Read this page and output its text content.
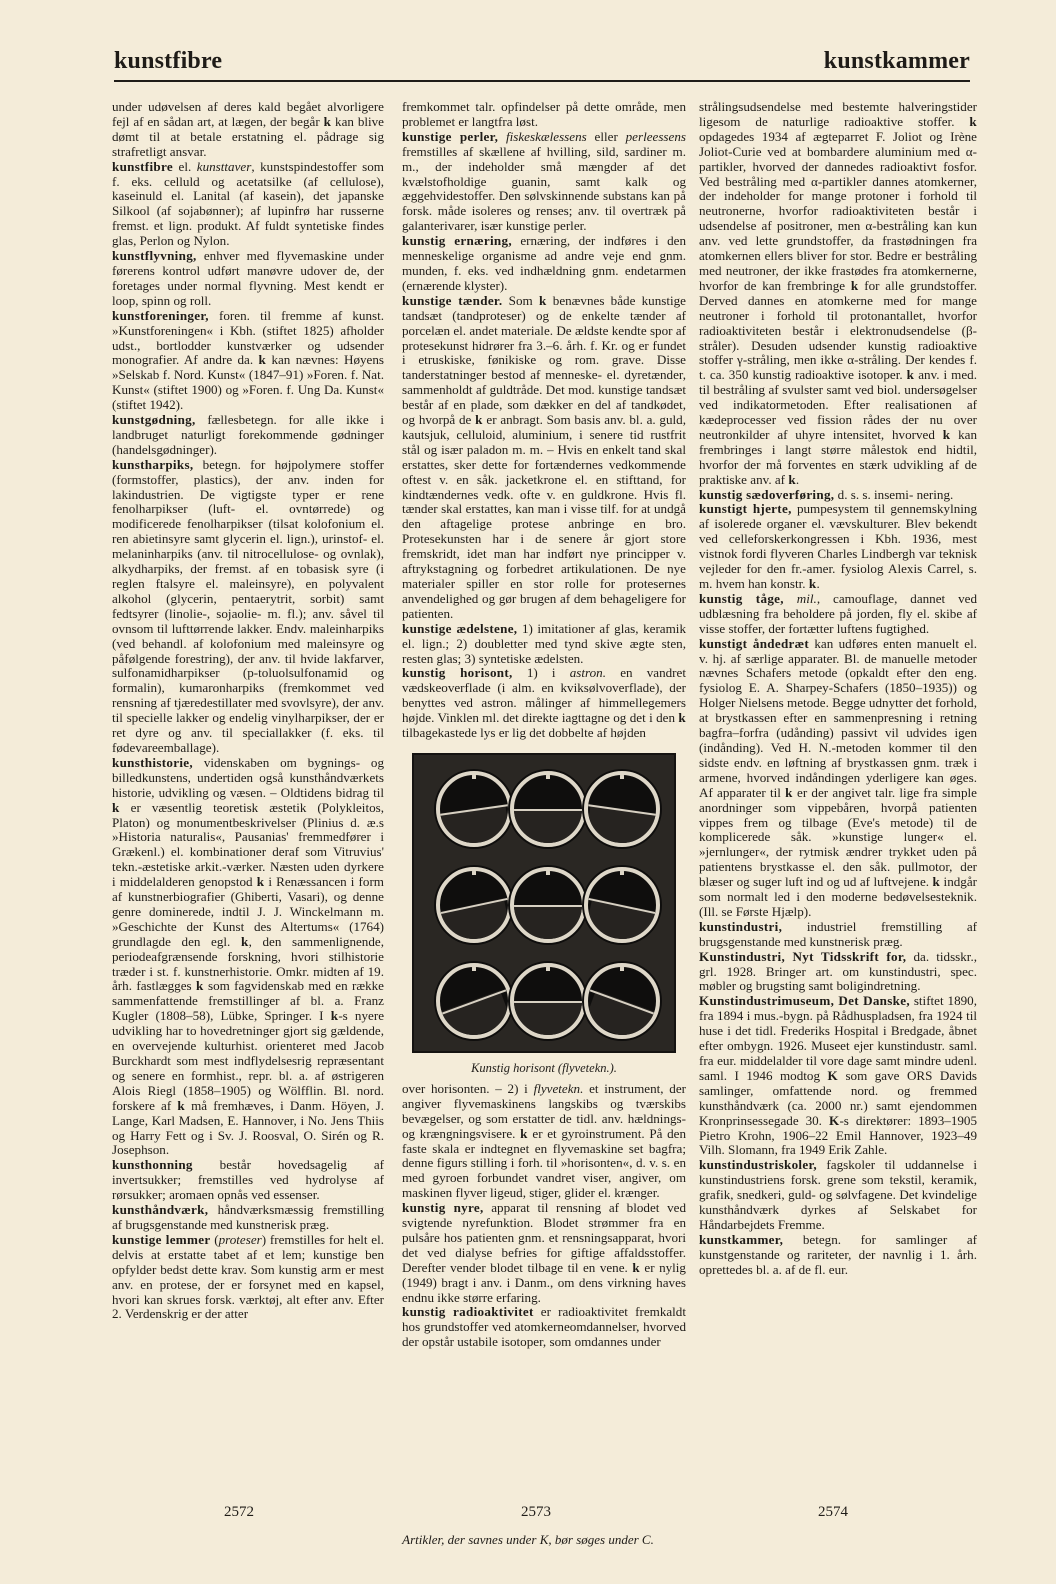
kunstfibre	kunstkammer

under udøvelsen af deres kald begået alvorligere fejl af en sådan art, at lægen, der begår k kan blive dømt til at betale erstatning el. pådrage sig strafretligt ansvar.

kunstfibre el. kunsttaver, kunstspindestoffer som f. eks. celluld og acetatsilke (af cellulose), kaseinuld el. Lanital (af kasein), det japanske Silkool (af sojabønner); af lupinfrø har russerne fremst. et lign. produkt. Af fuldt syntetiske findes glas, Perlon og Nylon.

kunstflyvning, enhver med flyvemaskine under førerens kontrol udført manøvre udover de, der foretages under normal flyvning. Mest kendt er loop, spinn og roll.

kunstforeninger, foren. til fremme af kunst. »Kunstforeningen« i Kbh. (stiftet 1825) afholder udst., bortlodder kunstværker og udsender monografier. Af andre da. k kan nævnes: Høyens »Selskab f. Nord. Kunst« (1847–91) »Foren. f. Nat. Kunst« (stiftet 1900) og »Foren. f. Ung Da. Kunst« (stiftet 1942).

kunstgødning, fællesbetegn. for alle ikke i landbruget naturligt forekommende gødninger (handelsgødninger).

kunstharpiks, betegn. for højpolymere stoffer (formstoffer, plastics), der anv. inden for lakindustrien. De vigtigste typer er rene fenolharpikser (luft- el. ovntørrede) og modificerede fenolharpikser (tilsat kolofonium el. ren abietinsyre samt glycerin el. lign.), urinstof- el. melaninharpiks (anv. til nitrocellulose- og ovnlak), alkydharpiks, der fremst. af en tobasisk syre (i reglen ftalsyre el. maleinsyre), en polyvalent alkohol (glycerin, pentaerytrit, sorbit) samt fedtsyrer (linolie-, sojaolie- m. fl.); anv. såvel til ovnsom til lufttørrende lakker. Endv. maleinharpiks (ved behandl. af kolofonium med maleinsyre og påfølgende forestring), der anv. til hvide lakfarver, sulfonamidharpikser (p-toluolsulfonamid og formalin), kumaronharpiks (fremkommet ved rensning af tjæredestillater med svovlsyre), der anv. til specielle lakker og endelig vinylharpikser, der er ret dyre og anv. til speciallakker (f. eks. til fødevareemballage).

kunsthistorie, videnskaben om bygnings- og billedkunstens, undertiden også kunsthåndværkets historie, udvikling og væsen. – Oldtidens bidrag til k er væsentlig teoretisk æstetik (Polykleitos, Platon) og monumentbeskrivelser (Plinius d. æ.s »Historia naturalis«, Pausanias' fremmedfører i Grækenl.) el. kombinationer deraf som Vitruvius' tekn.-æstetiske arkit.-værker. Næsten uden dyrkere i middelalderen genopstod k i Renæssancen i form af kunstnerbiografier (Ghiberti, Vasari), og denne genre dominerede, indtil J. J. Winckelmann m. »Geschichte der Kunst des Altertums« (1764) grundlagde den egl. k, den sammenlignende, periodeafgrænsende forskning, hvori stilhistorie træder i st. f. kunstnerhistorie. Omkr. midten af 19. årh. fastlægges k som fagvidenskab med en række sammenfattende fremstillinger af bl. a. Franz Kugler (1808–58), Lübke, Springer. I k-s nyere udvikling har to hovedretninger gjort sig gældende, en overvejende kulturhist. orienteret med Jacob Burckhardt som mest indflydelsesrig repræsentant og senere en formhist., repr. bl. a. af østrigeren Alois Riegl (1858–1905) og Wölfflin. Bl. nord. forskere af k må fremhæves, i Danm. Höyen, J. Lange, Karl Madsen, E. Hannover, i No. Jens Thiis og Harry Fett og i Sv. J. Roosval, O. Sirén og R. Josephson.

kunsthonning består hovedsagelig af invertsukker; fremstilles ved hydrolyse af rørsukker; aromaen opnås ved essenser.

kunsthåndværk, håndværksmæssig fremstilling af brugsgenstande med kunstnerisk præg.

kunstige lemmer (proteser) fremstilles for helt el. delvis at erstatte tabet af et lem; kunstige ben opfylder bedst dette krav. Som kunstig arm er mest anv. en protese, der er forsynet med en kapsel, hvori kan skrues forsk. værktøj, alt efter anv. Efter 2. Verdenskrig er der atter

fremkommet talr. opfindelser på dette område, men problemet er langtfra løst.

kunstige perler, fiskeskælessens eller perleessens fremstilles af skællene af hvilling, sild, sardiner m. m., der indeholder små mængder af det kvælstofholdige guanin, samt kalk og æggehvidestoffer. Den sølvskinnende substans kan på forsk. måde isoleres og renses; anv. til overtræk på galanterivarer, især kunstige perler.

kunstig ernæring, ernæring, der indføres i den menneskelige organisme ad andre veje end gnm. munden, f. eks. ved indhældning gnm. endetarmen (ernærende klyster).

kunstige tænder. Som k benævnes både kunstige tandsæt (tandproteser) og de enkelte tænder af porcelæn el. andet materiale. De ældste kendte spor af protesekunst hidrører fra 3.–6. årh. f. Kr. og er fundet i etruskiske, fønikiske og rom. grave. Disse tanderstatninger bestod af menneske- el. dyretænder, sammenholdt af guldtråde. Det mod. kunstige tandsæt består af en plade, som dækker en del af tandkødet, og hvorpå de k er anbragt. Som basis anv. bl. a. guld, kautsjuk, celluloid, aluminium, i senere tid rustfrit stål og især paladon m. m. – Hvis en enkelt tand skal erstattes, sker dette for fortændernes vedkommende oftest v. en såk. jacketkrone el. en stifttand, for kindtændernes vedk. ofte v. en guldkrone. Hvis fl. tænder skal erstattes, kan man i visse tilf. for at undgå den aftagelige protese anbringe en bro. Protesekunsten har i de senere år gjort store fremskridt, idet man har indført nye principper v. aftrykstagning og forbedret artikulationen. De nye materialer spiller en stor rolle for protesernes anvendelighed og gør brugen af dem behageligere for patienten.

kunstige ædelstene, 1) imitationer af glas, keramik el. lign.; 2) doubletter med tynd skive ægte sten, resten glas; 3) syntetiske ædelsten.

kunstig horisont, 1) i astron. en vandret vædskeoverflade (i alm. en kviksølvoverflade), der benyttes ved astron. målinger af himmellegemers højde. Vinklen ml. det direkte iagttagne og det i den k tilbagekastede lys er lig det dobbelte af højden

Kunstig horisont (flyvetekn.).

over horisonten. – 2) i flyvetekn. et instrument, der angiver flyvemaskinens langskibs og tværskibs bevægelser, og som erstatter de tidl. anv. hældnings- og krængningsvisere. k er et gyroinstrument. På den faste skala er indtegnet en flyvemaskine set bagfra; denne figurs stilling i forh. til »horisonten«, d. v. s. en med gyroen forbundet vandret viser, angiver, om maskinen flyver ligeud, stiger, glider el. krænger.

kunstig nyre, apparat til rensning af blodet ved svigtende nyrefunktion. Blodet strømmer fra en pulsåre hos patienten gnm. et rensningsapparat, hvori det ved dialyse befries for giftige affaldsstoffer. Derefter vender blodet tilbage til en vene. k er nylig (1949) bragt i anv. i Danm., om dens virkning haves endnu ikke større erfaring.

kunstig radioaktivitet er radioaktivitet fremkaldt hos grundstoffer ved atomkerneomdannelser, hvorved der opstår ustabile isotoper, som omdannes under

strålingsudsendelse med bestemte halveringstider ligesom de naturlige radioaktive stoffer. k opdagedes 1934 af ægteparret F. Joliot og Irène Joliot-Curie ved at bombardere aluminium med α-partikler, hvorved der dannedes radioaktivt fosfor. Ved bestråling med α-partikler dannes atomkerner, der indeholder for mange protoner i forhold til neutronerne, hvorfor radioaktiviteten består i udsendelse af positroner, men α-bestråling kan kun anv. ved lette grundstoffer, da frastødningen fra atomkernen ellers bliver for stor. Bedre er bestråling med neutroner, der ikke frastødes fra atomkernerne, hvorfor de kan frembringe k for alle grundstoffer. Derved dannes en atomkerne med for mange neutroner i forhold til protonantallet, hvorfor radioaktiviteten består i elektronudsendelse (β-stråler). Desuden udsender kunstig radioaktive stoffer γ-stråling, men ikke α-stråling. Der kendes f. t. ca. 350 kunstig radioaktive isotoper. k anv. i med. til bestråling af svulster samt ved biol. undersøgelser ved indikatormetoden. Efter realisationen af kædeprocesser ved fission rådes der nu over neutronkilder af uhyre intensitet, hvorved k kan frembringes i langt større målestok end hidtil, hvorfor der må forventes en stærk udvikling af de praktiske anv. af k.

kunstig sædoverføring, d. s. s. insemi- nering.

kunstigt hjerte, pumpesystem til gennemskylning af isolerede organer el. vævskulturer. Blev bekendt ved celleforskerkongressen i Kbh. 1936, mest vistnok fordi flyveren Charles Lindbergh var teknisk vejleder for den fr.-amer. fysiolog Alexis Carrel, s. m. hvem han konstr. k.

kunstig tåge, mil., camouflage, dannet ved udblæsning fra beholdere på jorden, fly el. skibe af visse stoffer, der fortætter luftens fugtighed.

kunstigt åndedræt kan udføres enten manuelt el. v. hj. af særlige apparater. Bl. de manuelle metoder nævnes Schafers metode (opkaldt efter den eng. fysiolog E. A. Sharpey-Schafers (1850–1935)) og Holger Nielsens metode. Begge udnytter det forhold, at brystkassen efter en sammenpresning i retning bagfra–forfra (udånding) passivt vil udvides igen (indånding). Ved H. N.-metoden kommer til den sidste endv. en løftning af brystkassen gnm. træk i armene, hvorved indåndingen yderligere kan øges. Af apparater til k er der angivet talr. lige fra simple anordninger som vippebåren, hvorpå patienten vippes frem og tilbage (Eve's metode) til de komplicerede såk. »kunstige lunger« el. »jernlunger«, der rytmisk ændrer trykket uden på patientens brystkasse el. den såk. pullmotor, der blæser og suger luft ind og ud af luftvejene. k indgår som normalt led i den moderne bedøvelsesteknik. (Ill. se Første Hjælp).

kunstindustri, industriel fremstilling af brugsgenstande med kunstnerisk præg.

Kunstindustri, Nyt Tidsskrift for, da. tidsskr., grl. 1928. Bringer art. om kunstindustri, spec. møbler og brugsting samt boligindretning.

Kunstindustrimuseum, Det Danske, stiftet 1890, fra 1894 i mus.-bygn. på Rådhuspladsen, fra 1924 til huse i det tidl. Frederiks Hospital i Bredgade, åbnet efter ombygn. 1926. Museet ejer kunstindustr. saml. fra eur. middelalder til vore dage samt mindre udenl. saml. I 1946 modtog K som gave ORS Davids samlinger, omfattende nord. og fremmed kunsthåndværk (ca. 2000 nr.) samt ejendommen Kronprinsessegade 30. K-s direktører: 1893–1905 Pietro Krohn, 1906–22 Emil Hannover, 1923–49 Vilh. Slomann, fra 1949 Erik Zahle.

kunstindustriskoler, fagskoler til uddannelse i kunstindustriens forsk. grene som tekstil, keramik, grafik, snedkeri, guld- og sølvfagene. Det kvindelige kunsthåndværk dyrkes af Selskabet for Håndarbejdets Fremme.

kunstkammer, betegn. for samlinger af kunstgenstande og rariteter, der navnlig i 1. årh. oprettedes bl. a. af de fl. eur.

2572	2573	2574
Artikler, der savnes under K, bør søges under C.
